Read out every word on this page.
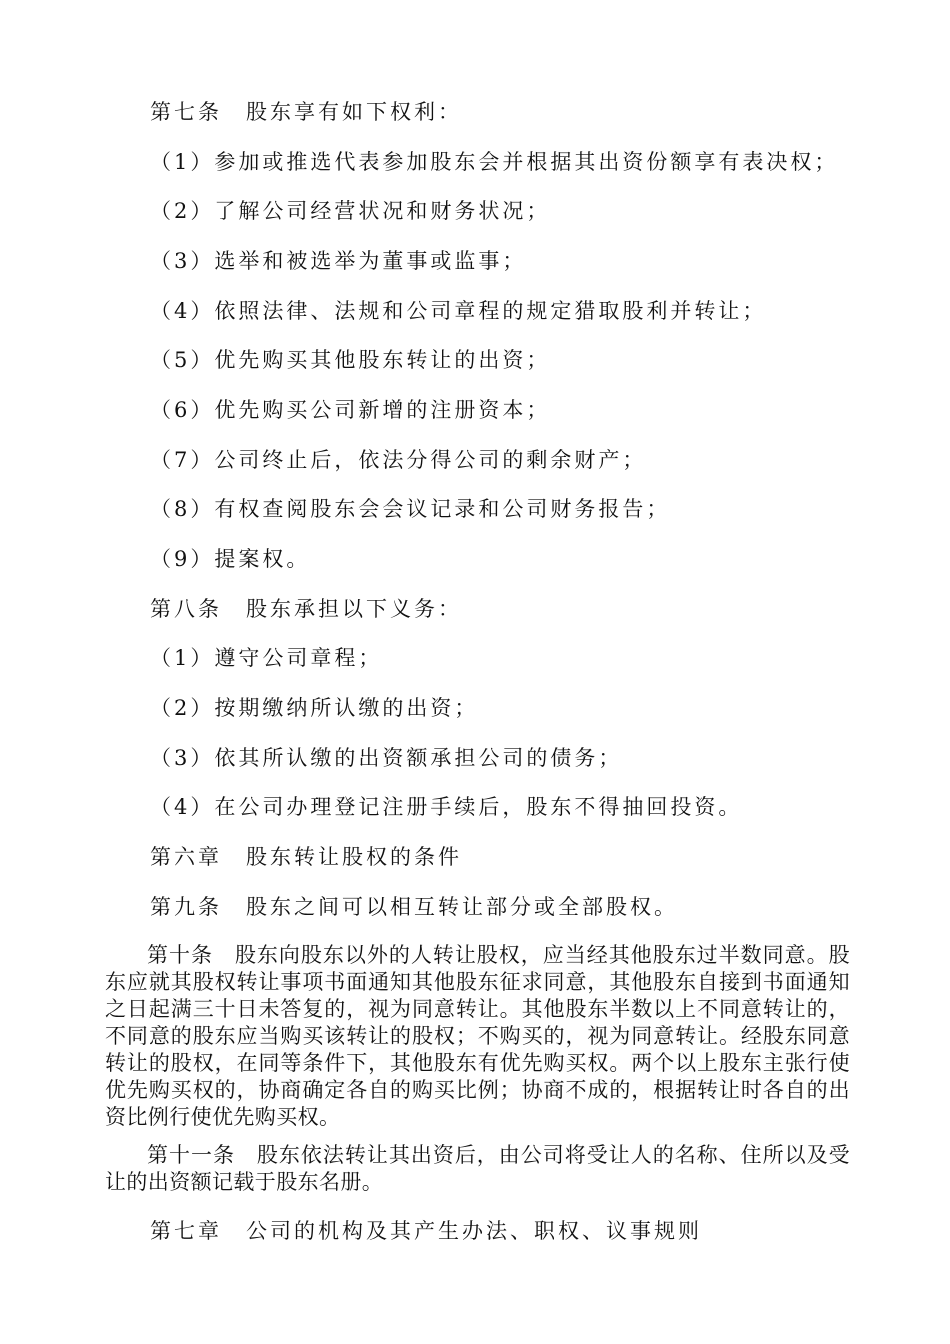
第七条　股东享有如下权利：
（1）参加或推选代表参加股东会并根据其出资份额享有表决权；
（2）了解公司经营状况和财务状况；
（3）选举和被选举为董事或监事；
（4）依照法律、法规和公司章程的规定猎取股利并转让；
（5）优先购买其他股东转让的出资；
（6）优先购买公司新增的注册资本；
（7）公司终止后，依法分得公司的剩余财产；
（8）有权查阅股东会会议记录和公司财务报告；
（9）提案权。
第八条　股东承担以下义务：
（1）遵守公司章程；
（2）按期缴纳所认缴的出资；
（3）依其所认缴的出资额承担公司的债务；
（4）在公司办理登记注册手续后，股东不得抽回投资。
第六章　股东转让股权的条件
第九条　股东之间可以相互转让部分或全部股权。
第十条　股东向股东以外的人转让股权，应当经其他股东过半数同意。股东应就其股权转让事项书面通知其他股东征求同意，其他股东自接到书面通知之日起满三十日未答复的，视为同意转让。其他股东半数以上不同意转让的，不同意的股东应当购买该转让的股权；不购买的，视为同意转让。经股东同意转让的股权，在同等条件下，其他股东有优先购买权。两个以上股东主张行使优先购买权的，协商确定各自的购买比例；协商不成的，根据转让时各自的出资比例行使优先购买权。
第十一条　股东依法转让其出资后，由公司将受让人的名称、住所以及受让的出资额记载于股东名册。
第七章　公司的机构及其产生办法、职权、议事规则
